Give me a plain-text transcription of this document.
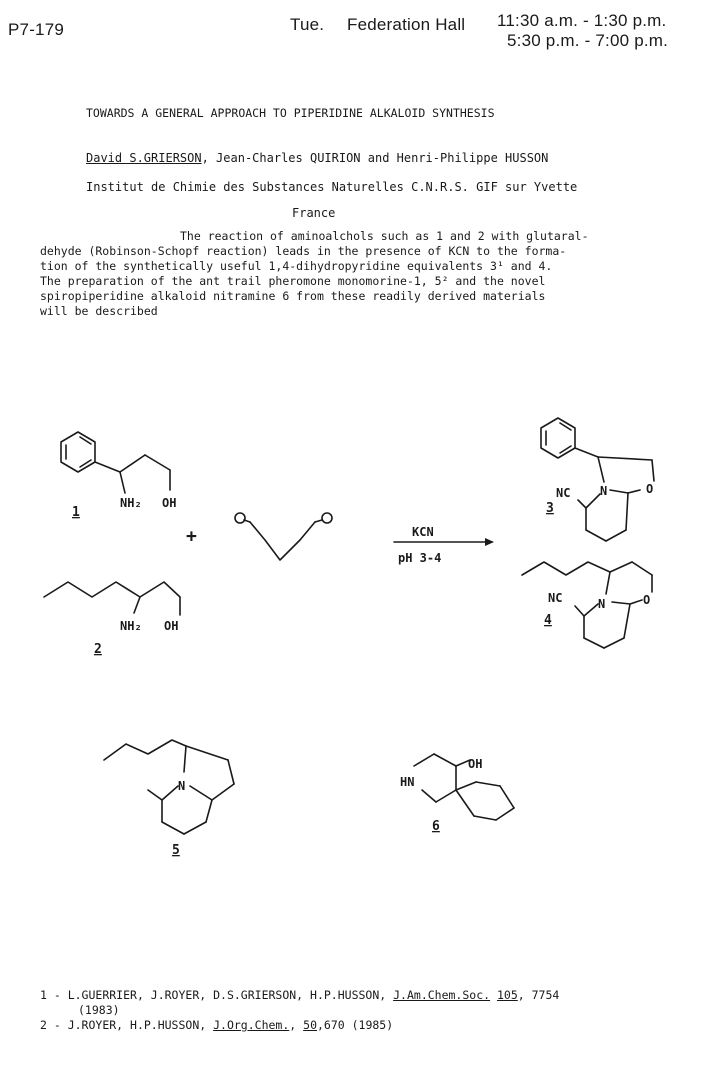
P7-179	Tue. Federation Hall 11:30 a.m. - 1:30 p.m.
5:30 p.m. - 7:00 p.m.
TOWARDS A GENERAL APPROACH TO PIPERIDINE ALKALOID SYNTHESIS
David S.GRIERSON, Jean-Charles QUIRION and Henri-Philippe HUSSON
Institut de Chimie des Substances Naturelles C.N.R.S. GIF sur Yvette
France
The reaction of aminoalchols such as 1 and 2 with glutaral-
dehyde (Robinson-Schopf reaction) leads in the presence of KCN to the forma-
tion of the synthetically useful 1,4-dihydropyridine equivalents 3¹ and 4.
The preparation of the ant trail pheromone monomorine-1, 5² and the novel
spiropiperidine alkaloid nitramine 6 from these readily derived materials
will be described
NH₂ OH
1
+	KCN
pH 3-4
NH₂ OH
2
N	O
NC
3
N	O
NC
4
N
5
HN
OH
6
1 - L.GUERRIER, J.ROYER, D.S.GRIERSON, H.P.HUSSON, J.Am.Chem.Soc. 105, 7754
(1983)
2 - J.ROYER, H.P.HUSSON, J.Org.Chem., 50,670 (1985)
